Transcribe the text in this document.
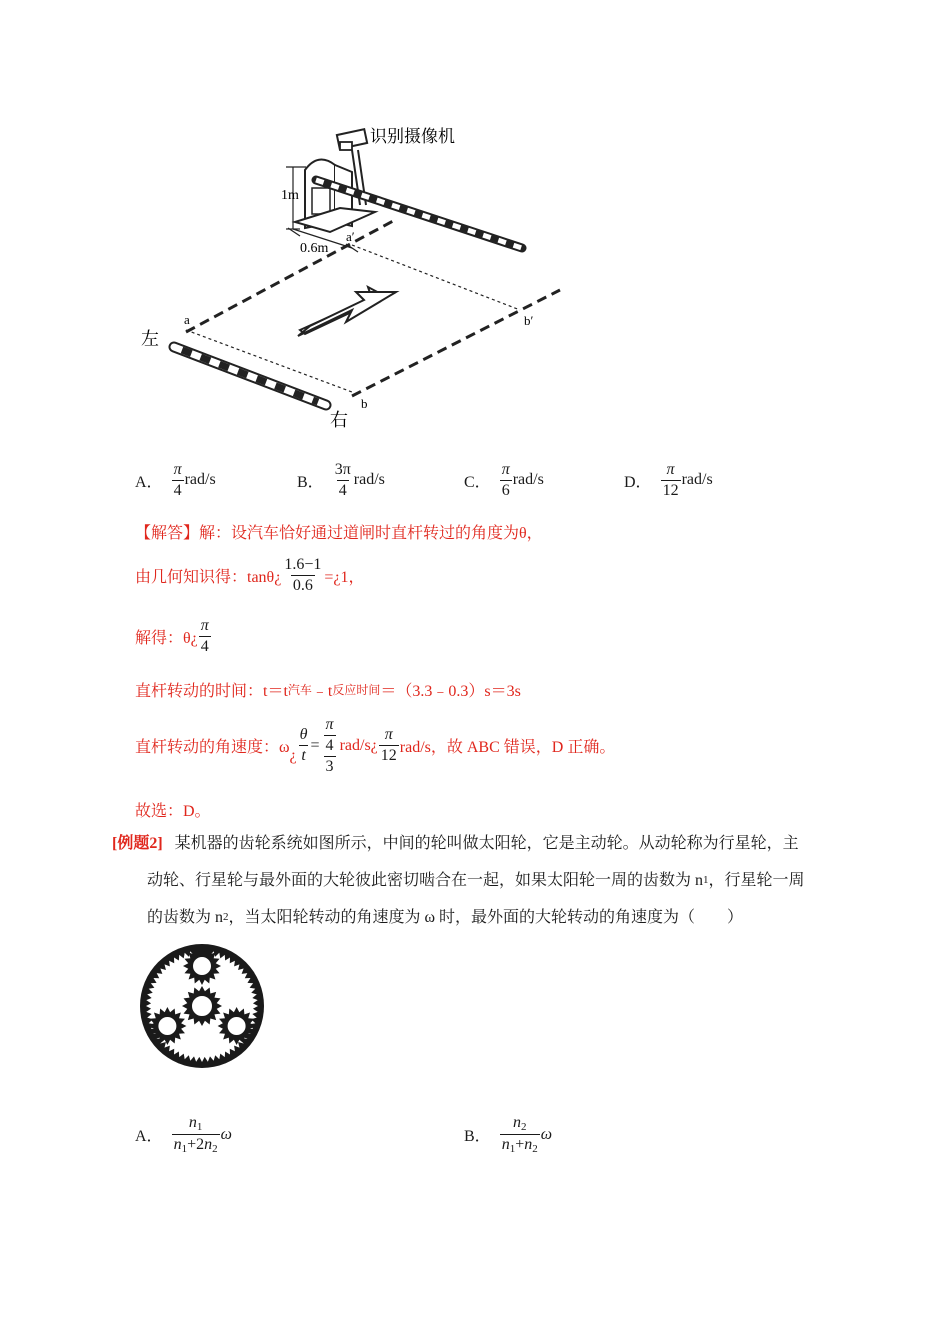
1m
0.6m
识别摄像机
a
a′
b
b′
左
右
A． $\frac{\pi}{4} rad/s$	B． $\frac{3\pi}{4} rad/s$	C． $\frac{\pi}{6} rad/s$	D． $\frac{\pi}{12} rad/s$
【解答】 解：设汽车恰好通过道闸时直杆转过的角度为θ，
由几何知识得：tanθ¿ $\frac{1.6-1}{0.6}$ =¿1，
解得：θ¿ $\frac{\pi}{4}$
直杆转动的时间：t＝t 汽车 ﹣t 反应时间 ＝（3.3﹣0.3）s＝3s
直杆转动的角速度：ω ¿ $\frac{\theta}{t} = \frac{\frac{\pi}{4}}{3}$ rad/s¿ $\frac{\pi}{12} rad/s$，故 ABC 错误，D 正确。
故选：D。
[例题2] 某机器的齿轮系统如图所示，中间的轮叫做太阳轮，它是主动轮。从动轮称为行星轮，主
动轮、行星轮与最外面的大轮彼此密切啮合在一起，如果太阳轮一周的齿数为 n 1 ，行星轮一周
的齿数为 n 2 ，当太阳轮转动的角速度为 ω 时，最外面的大轮转动的角速度为（　　）
A． $\frac{n_1}{n_1+2n_2}$ ω	B． $\frac{n_2}{n_1+n_2}$ ω
